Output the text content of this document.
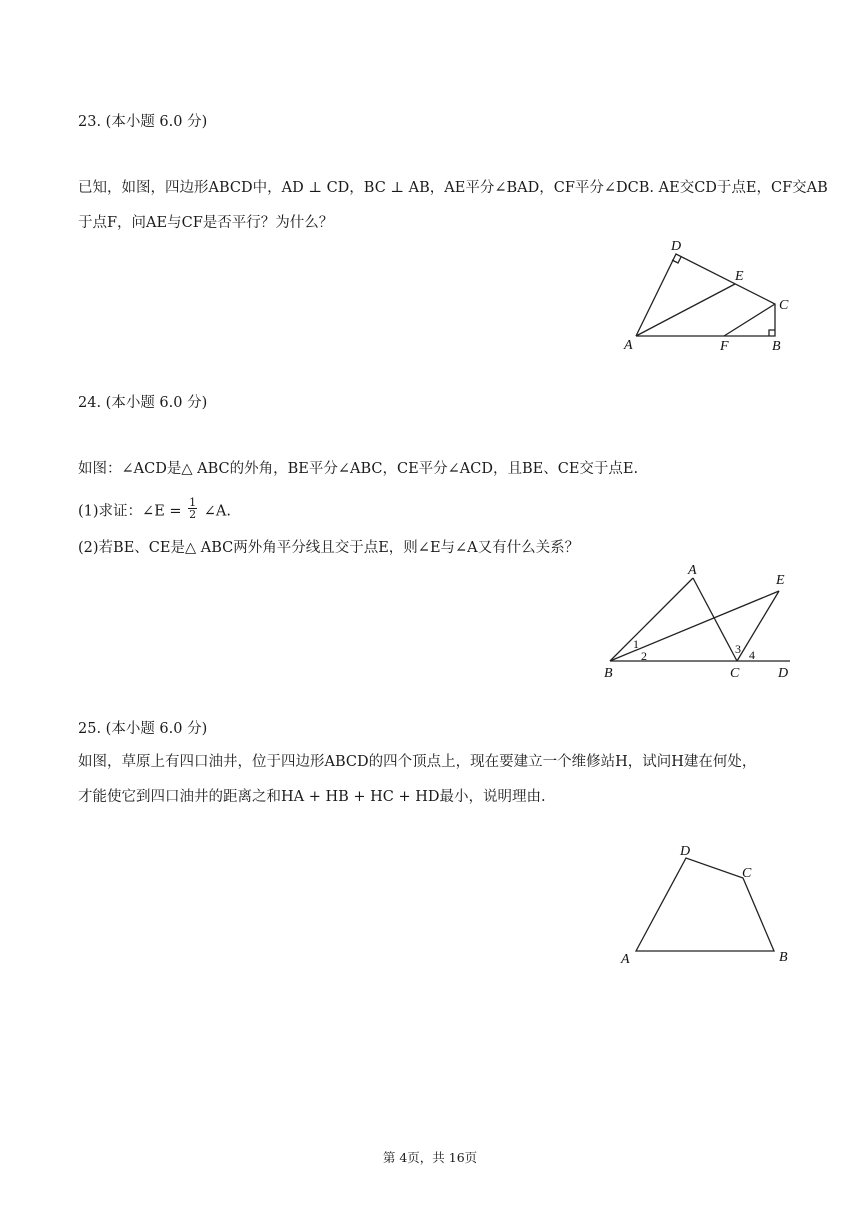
23. (本小题 6.0 分)
已知，如图，四边形ABCD中，AD ⊥ CD，BC ⊥ AB，AE平分∠BAD，CF平分∠DCB. AE交CD于点E，CF交AB
于点F，问AE与CF是否平行？为什么？
D
E
C
A	F	B
24. (本小题 6.0 分)
如图：∠ACD是△ ABC的外角，BE平分∠ABC，CE平分∠ACD，且BE、CE交于点E.
(1)求证：∠E = $\frac{1}{2}$ ∠A.
(2)若BE、CE是△ ABC两外角平分线且交于点E，则∠E与∠A又有什么关系？
A
E
B	C	D
1
2	3 4
25. (本小题 6.0 分)
如图，草原上有四口油井，位于四边形ABCD的四个顶点上，现在要建立一个维修站H，试问H建在何处，
才能使它到四口油井的距离之和HA + HB + HC + HD最小，说明理由.
D
C
A	B
第 4页，共 16页
